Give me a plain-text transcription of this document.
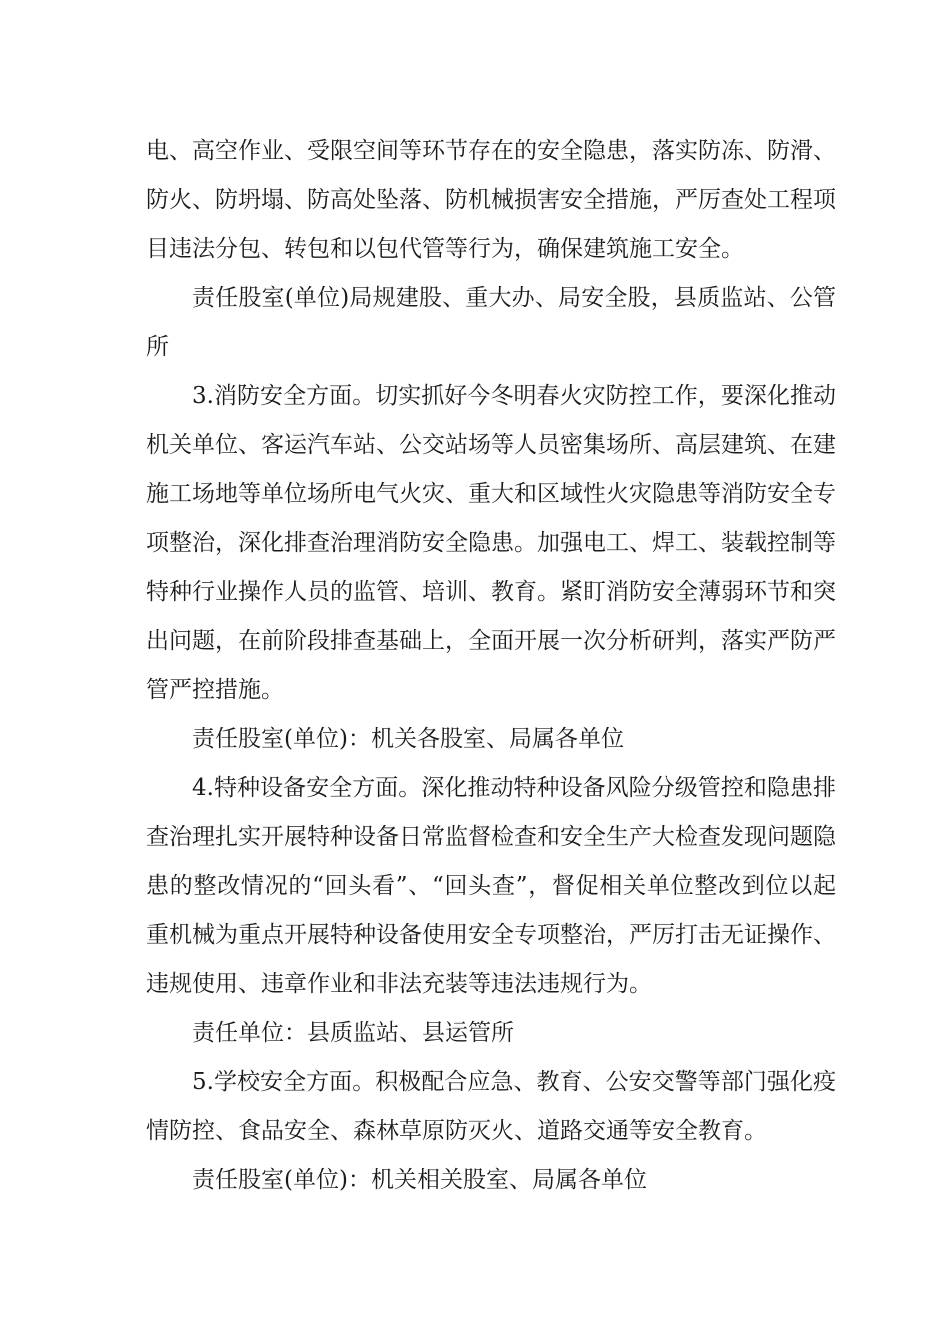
电、高空作业、受限空间等环节存在的安全隐患，落实防冻、防滑、防火、防坍塌、防高处坠落、防机械损害安全措施，严厉查处工程项目违法分包、转包和以包代管等行为，确保建筑施工安全。

责任股室(单位)局规建股、重大办、局安全股，县质监站、公管所

3.消防安全方面。切实抓好今冬明春火灾防控工作，要深化推动机关单位、客运汽车站、公交站场等人员密集场所、高层建筑、在建施工场地等单位场所电气火灾、重大和区域性火灾隐患等消防安全专项整治，深化排查治理消防安全隐患。加强电工、焊工、装载控制等特种行业操作人员的监管、培训、教育。紧盯消防安全薄弱环节和突出问题，在前阶段排查基础上，全面开展一次分析研判，落实严防严管严控措施。

责任股室(单位)：机关各股室、局属各单位

4.特种设备安全方面。深化推动特种设备风险分级管控和隐患排查治理扎实开展特种设备日常监督检查和安全生产大检查发现问题隐患的整改情况的“回头看”、“回头查”，督促相关单位整改到位以起重机械为重点开展特种设备使用安全专项整治，严厉打击无证操作、违规使用、违章作业和非法充装等违法违规行为。

责任单位：县质监站、县运管所

5.学校安全方面。积极配合应急、教育、公安交警等部门强化疫情防控、食品安全、森林草原防灭火、道路交通等安全教育。

责任股室(单位)：机关相关股室、局属各单位
